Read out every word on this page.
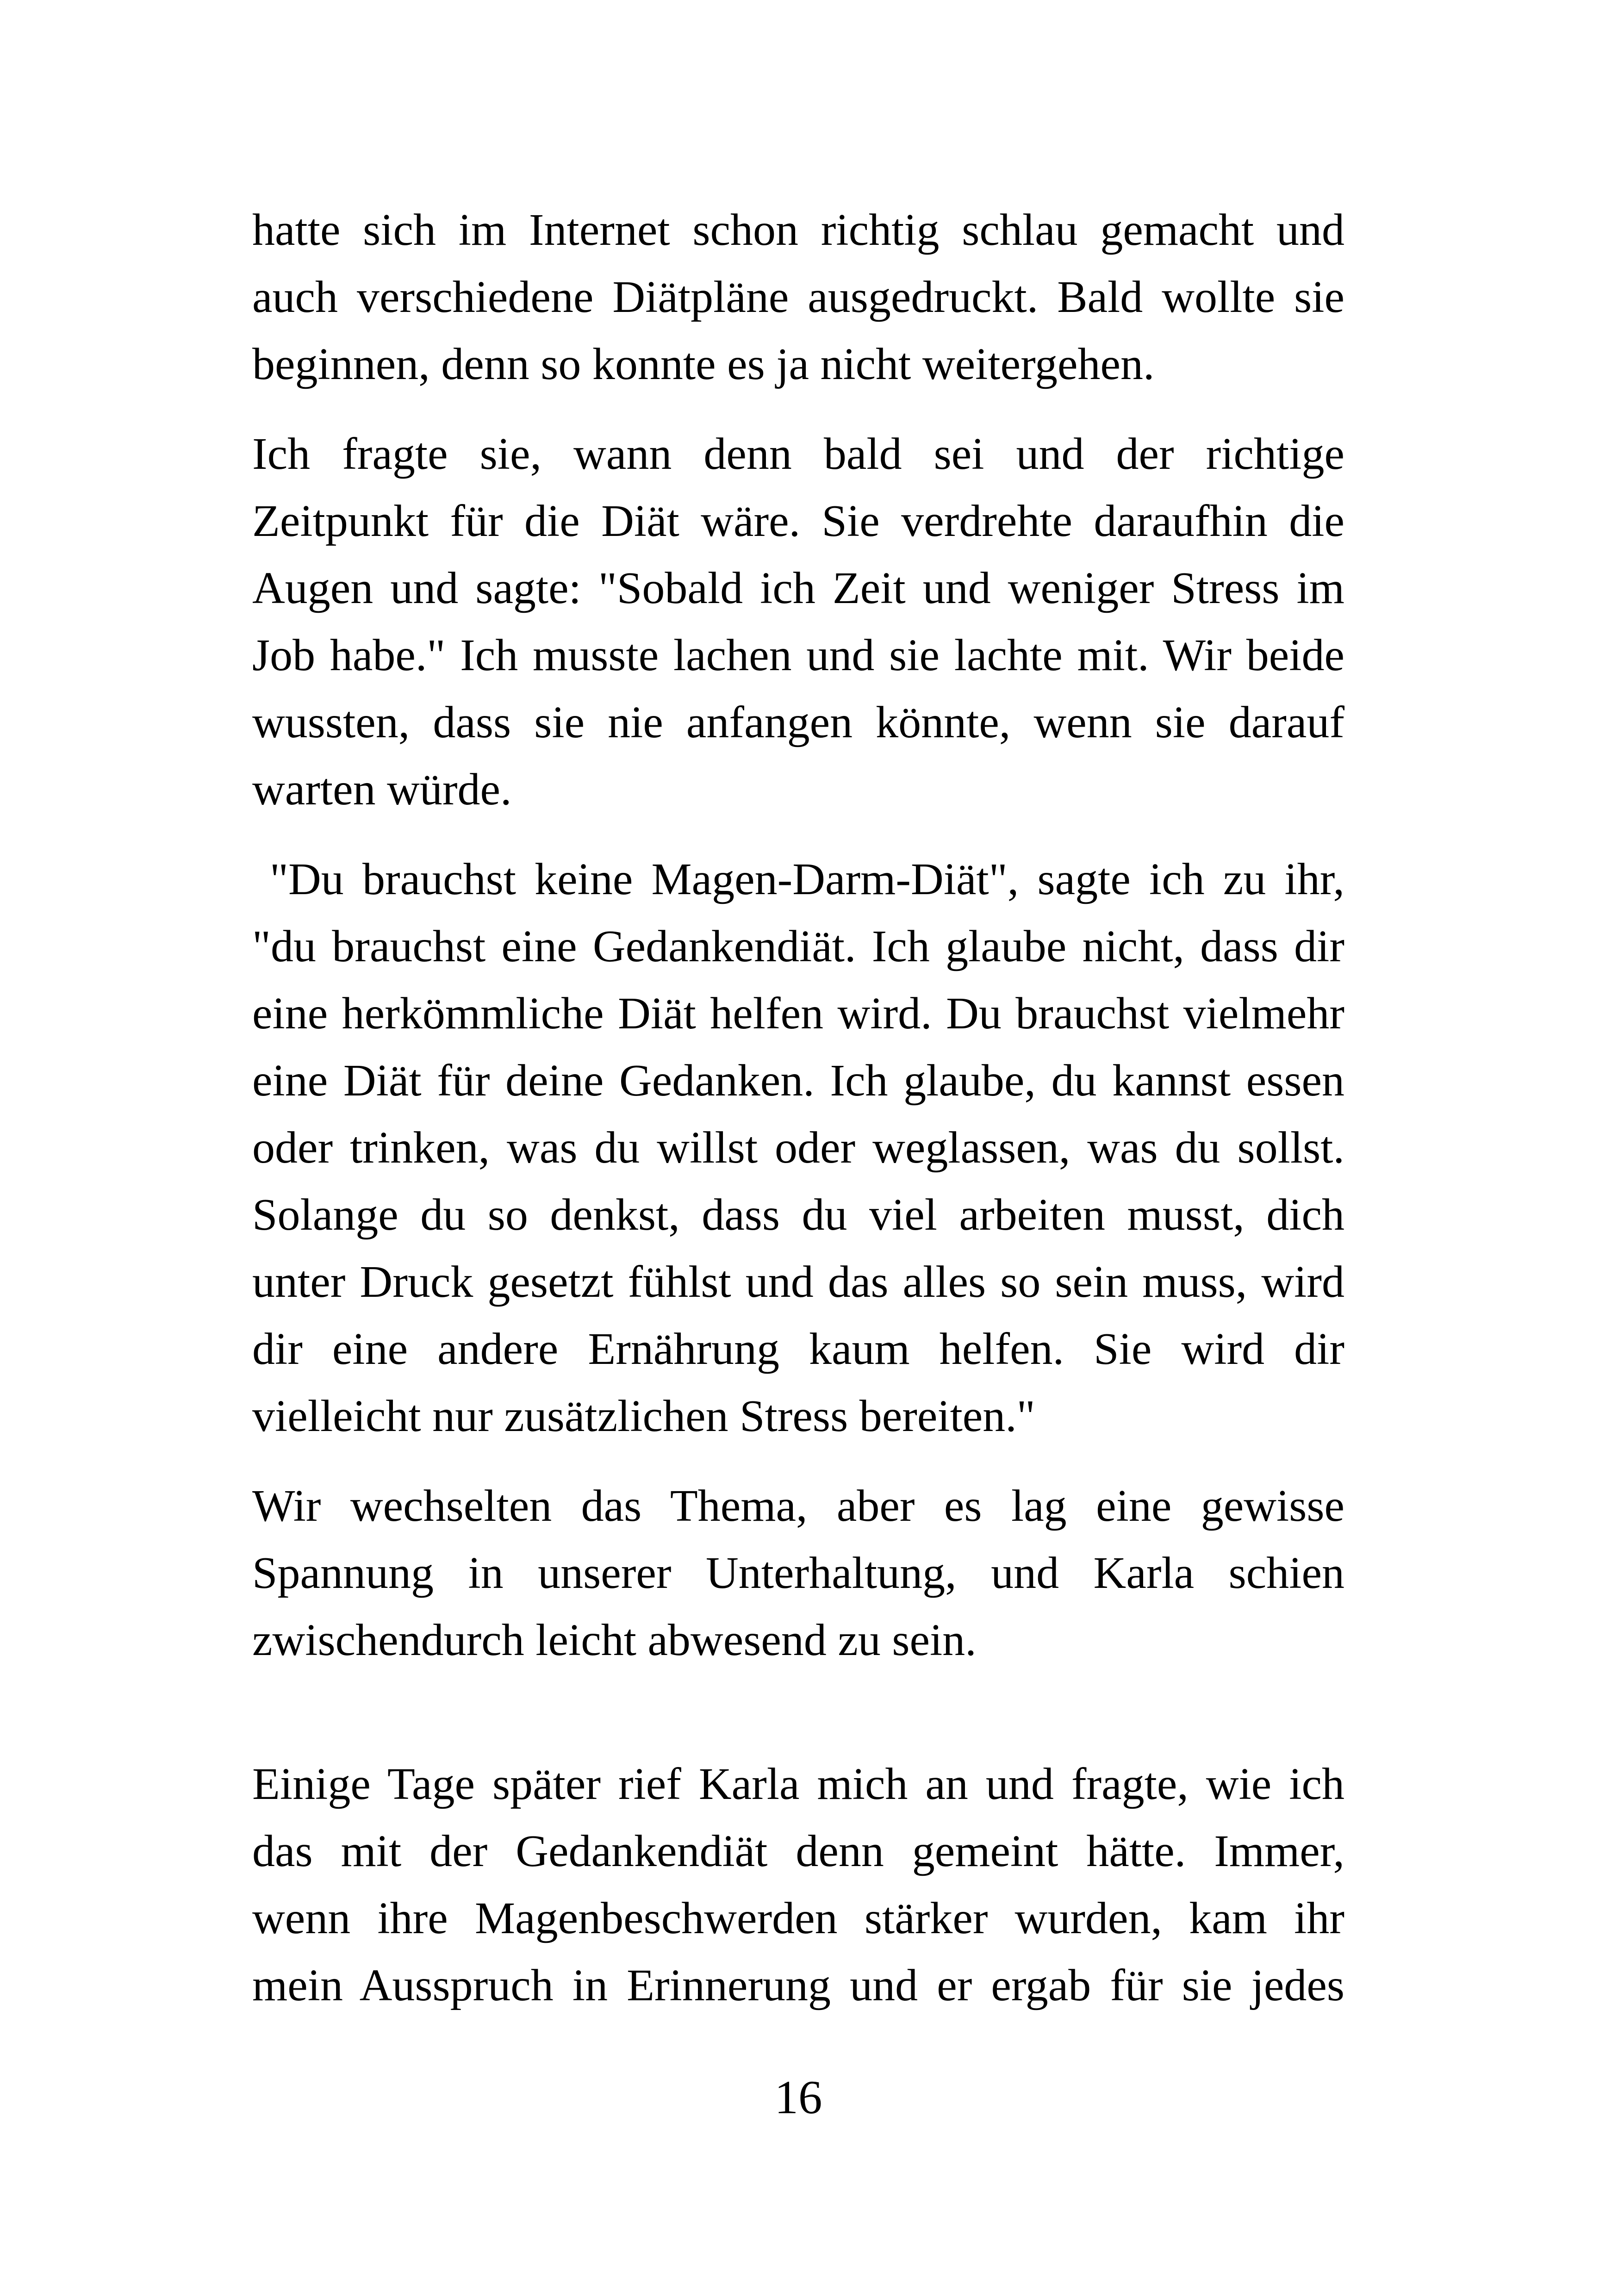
hatte sich im Internet schon richtig schlau gemacht und
auch verschiedene Diätpläne ausgedruckt. Bald wollte sie
beginnen, denn so konnte es ja nicht weitergehen.
Ich fragte sie, wann denn bald sei und der richtige
Zeitpunkt für die Diät wäre. Sie verdrehte daraufhin die
Augen und sagte: "Sobald ich Zeit und weniger Stress im
Job habe." Ich musste lachen und sie lachte mit. Wir beide
wussten, dass sie nie anfangen könnte, wenn sie darauf
warten würde.
"Du brauchst keine Magen-Darm-Diät", sagte ich zu ihr,
"du brauchst eine Gedankendiät. Ich glaube nicht, dass dir
eine herkömmliche Diät helfen wird. Du brauchst vielmehr
eine Diät für deine Gedanken. Ich glaube, du kannst essen
oder trinken, was du willst oder weglassen, was du sollst.
Solange du so denkst, dass du viel arbeiten musst, dich
unter Druck gesetzt fühlst und das alles so sein muss, wird
dir eine andere Ernährung kaum helfen. Sie wird dir
vielleicht nur zusätzlichen Stress bereiten."
Wir wechselten das Thema, aber es lag eine gewisse
Spannung in unserer Unterhaltung, und Karla schien
zwischendurch leicht abwesend zu sein.
Einige Tage später rief Karla mich an und fragte, wie ich
das mit der Gedankendiät denn gemeint hätte. Immer,
wenn ihre Magenbeschwerden stärker wurden, kam ihr
mein Ausspruch in Erinnerung und er ergab für sie jedes
16
